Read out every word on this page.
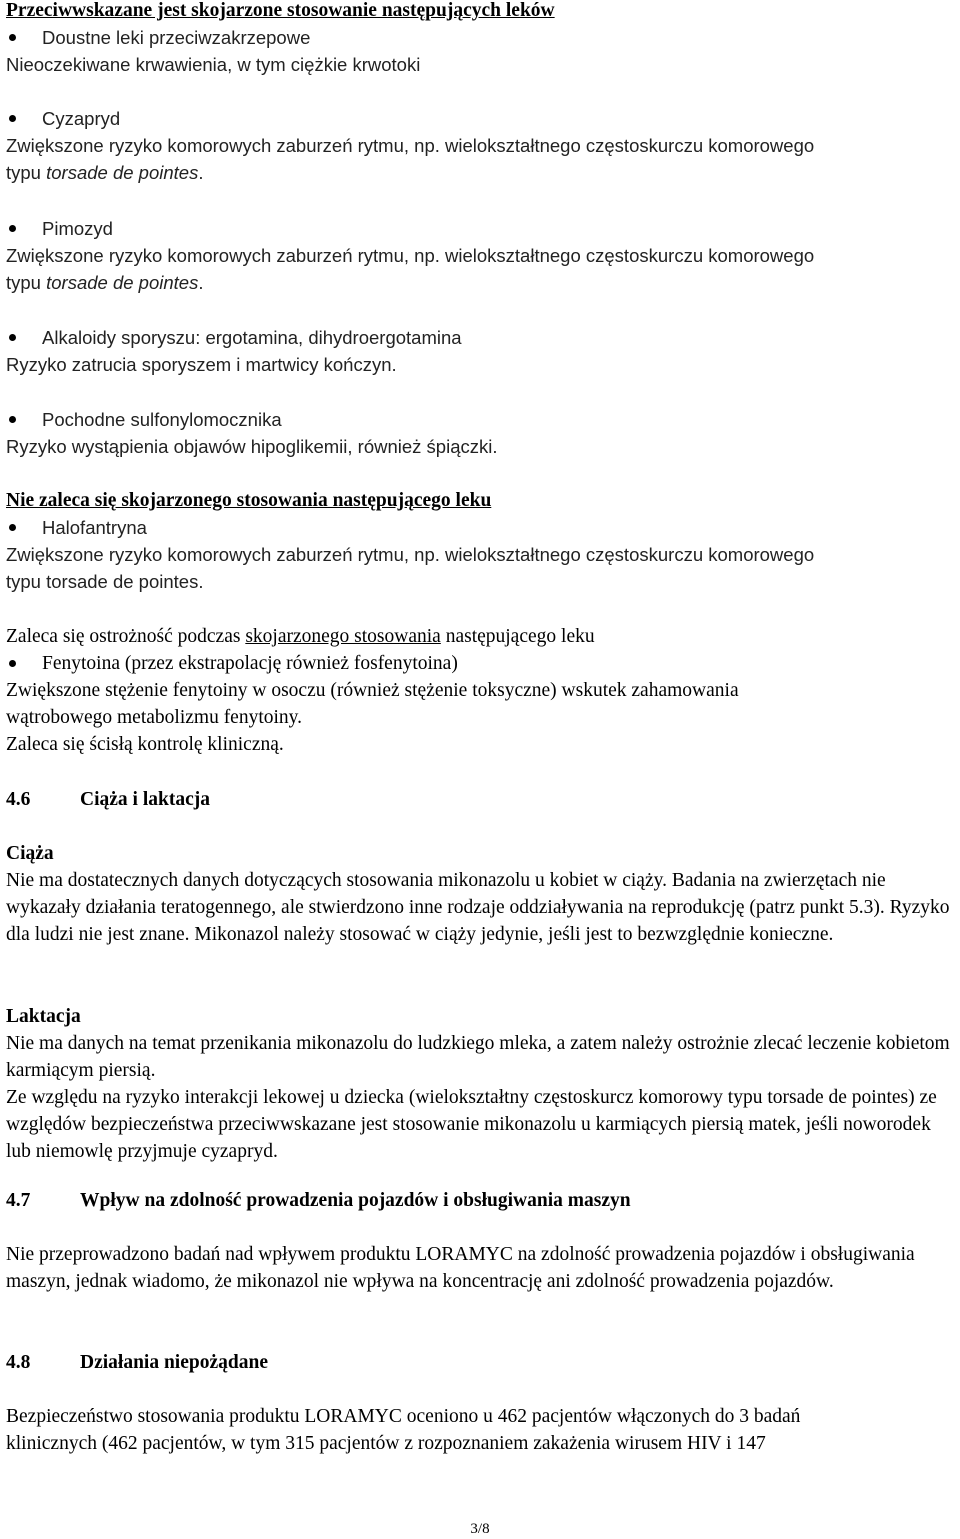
Przeciwwskazane jest skojarzone stosowanie następujących leków

Doustne leki przeciwzakrzepowe

Nieoczekiwane krwawienia, w tym ciężkie krwotoki

Cyzapryd

Zwiększone ryzyko komorowych zaburzeń rytmu, np. wielokształtnego częstoskurczu komorowego

typu torsade de pointes.

Pimozyd

Zwiększone ryzyko komorowych zaburzeń rytmu, np. wielokształtnego częstoskurczu komorowego

typu torsade de pointes.

Alkaloidy sporyszu: ergotamina, dihydroergotamina

Ryzyko zatrucia sporyszem i martwicy kończyn.

Pochodne sulfonylomocznika

Ryzyko wystąpienia objawów hipoglikemii, również śpiączki.

Nie zaleca się skojarzonego stosowania następującego leku

Halofantryna

Zwiększone ryzyko komorowych zaburzeń rytmu, np. wielokształtnego częstoskurczu komorowego

typu torsade de pointes.

Zaleca się ostrożność podczas skojarzonego stosowania następującego leku

Fenytoina (przez ekstrapolację również fosfenytoina)

Zwiększone stężenie fenytoiny w osoczu (również stężenie toksyczne) wskutek zahamowania

wątrobowego metabolizmu fenytoiny.

Zaleca się ścisłą kontrolę kliniczną.

4.6	Ciąża i laktacja

Ciąża

Nie ma dostatecznych danych dotyczących stosowania mikonazolu u kobiet w ciąży. Badania na zwierzętach nie wykazały działania teratogennego, ale stwierdzono inne rodzaje oddziaływania na reprodukcję (patrz punkt 5.3). Ryzyko dla ludzi nie jest znane. Mikonazol należy stosować w ciąży jedynie, jeśli jest to bezwzględnie konieczne.

Laktacja

Nie ma danych na temat przenikania mikonazolu do ludzkiego mleka, a zatem należy ostrożnie zlecać leczenie kobietom karmiącym piersią.

Ze względu na ryzyko interakcji lekowej u dziecka (wielokształtny częstoskurcz komorowy typu torsade de pointes) ze względów bezpieczeństwa przeciwwskazane jest stosowanie mikonazolu u karmiących piersią matek, jeśli noworodek lub niemowlę przyjmuje cyzapryd.

4.7	Wpływ na zdolność prowadzenia pojazdów i obsługiwania maszyn

Nie przeprowadzono badań nad wpływem produktu LORAMYC na zdolność prowadzenia pojazdów i obsługiwania maszyn, jednak wiadomo, że mikonazol nie wpływa na koncentrację ani zdolność prowadzenia pojazdów.

4.8	Działania niepożądane

Bezpieczeństwo stosowania produktu LORAMYC oceniono u 462 pacjentów włączonych do 3 badań

klinicznych (462 pacjentów, w tym 315 pacjentów z rozpoznaniem zakażenia wirusem HIV i 147

3/8
